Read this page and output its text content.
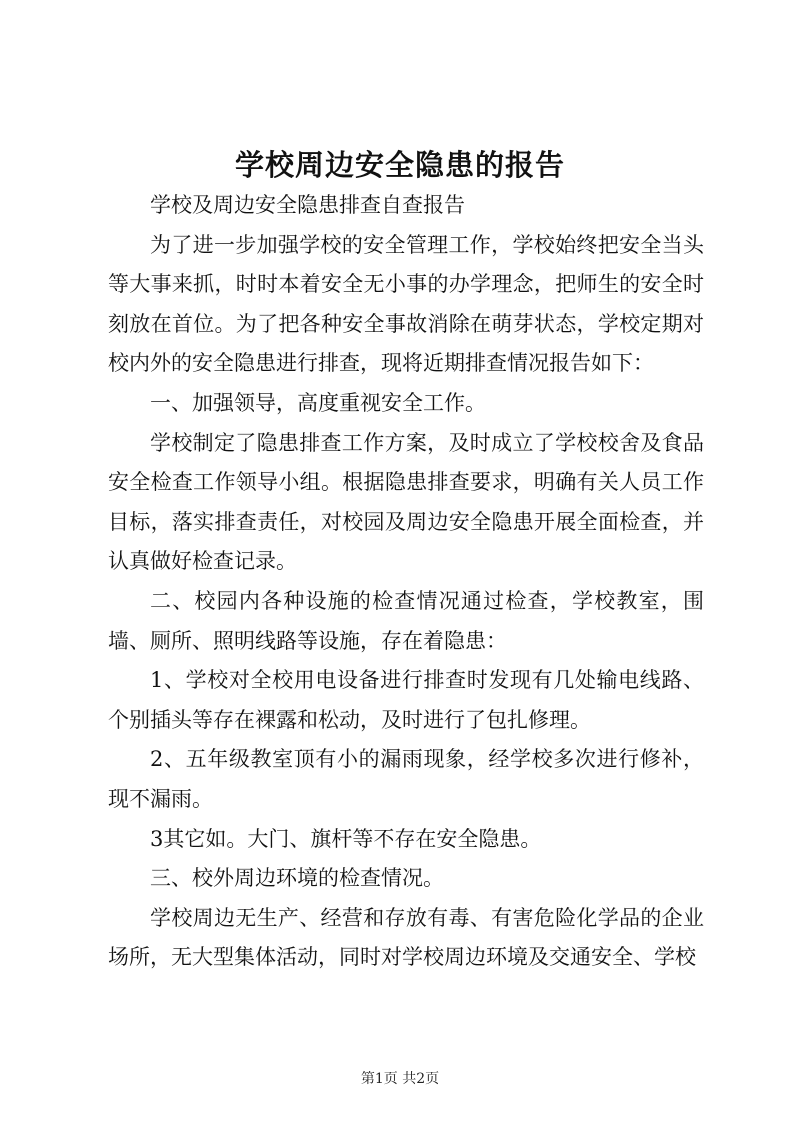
学校周边安全隐患的报告

学校及周边安全隐患排查自查报告

为了进一步加强学校的安全管理工作，学校始终把安全当头等大事来抓，时时本着安全无小事的办学理念，把师生的安全时刻放在首位。为了把各种安全事故消除在萌芽状态，学校定期对校内外的安全隐患进行排查，现将近期排查情况报告如下：

一、加强领导，高度重视安全工作。

学校制定了隐患排查工作方案，及时成立了学校校舍及食品安全检查工作领导小组。根据隐患排查要求，明确有关人员工作目标，落实排查责任，对校园及周边安全隐患开展全面检查，并认真做好检查记录。

二、校园内各种设施的检查情况通过检查，学校教室，围墙、厕所、照明线路等设施，存在着隐患：

1、学校对全校用电设备进行排查时发现有几处输电线路、个别插头等存在裸露和松动，及时进行了包扎修理。

2、五年级教室顶有小的漏雨现象，经学校多次进行修补，现不漏雨。

3其它如。大门、旗杆等不存在安全隐患。

三、校外周边环境的检查情况。

学校周边无生产、经营和存放有毒、有害危险化学品的企业场所，无大型集体活动，同时对学校周边环境及交通安全、学校

第1页 共2页
